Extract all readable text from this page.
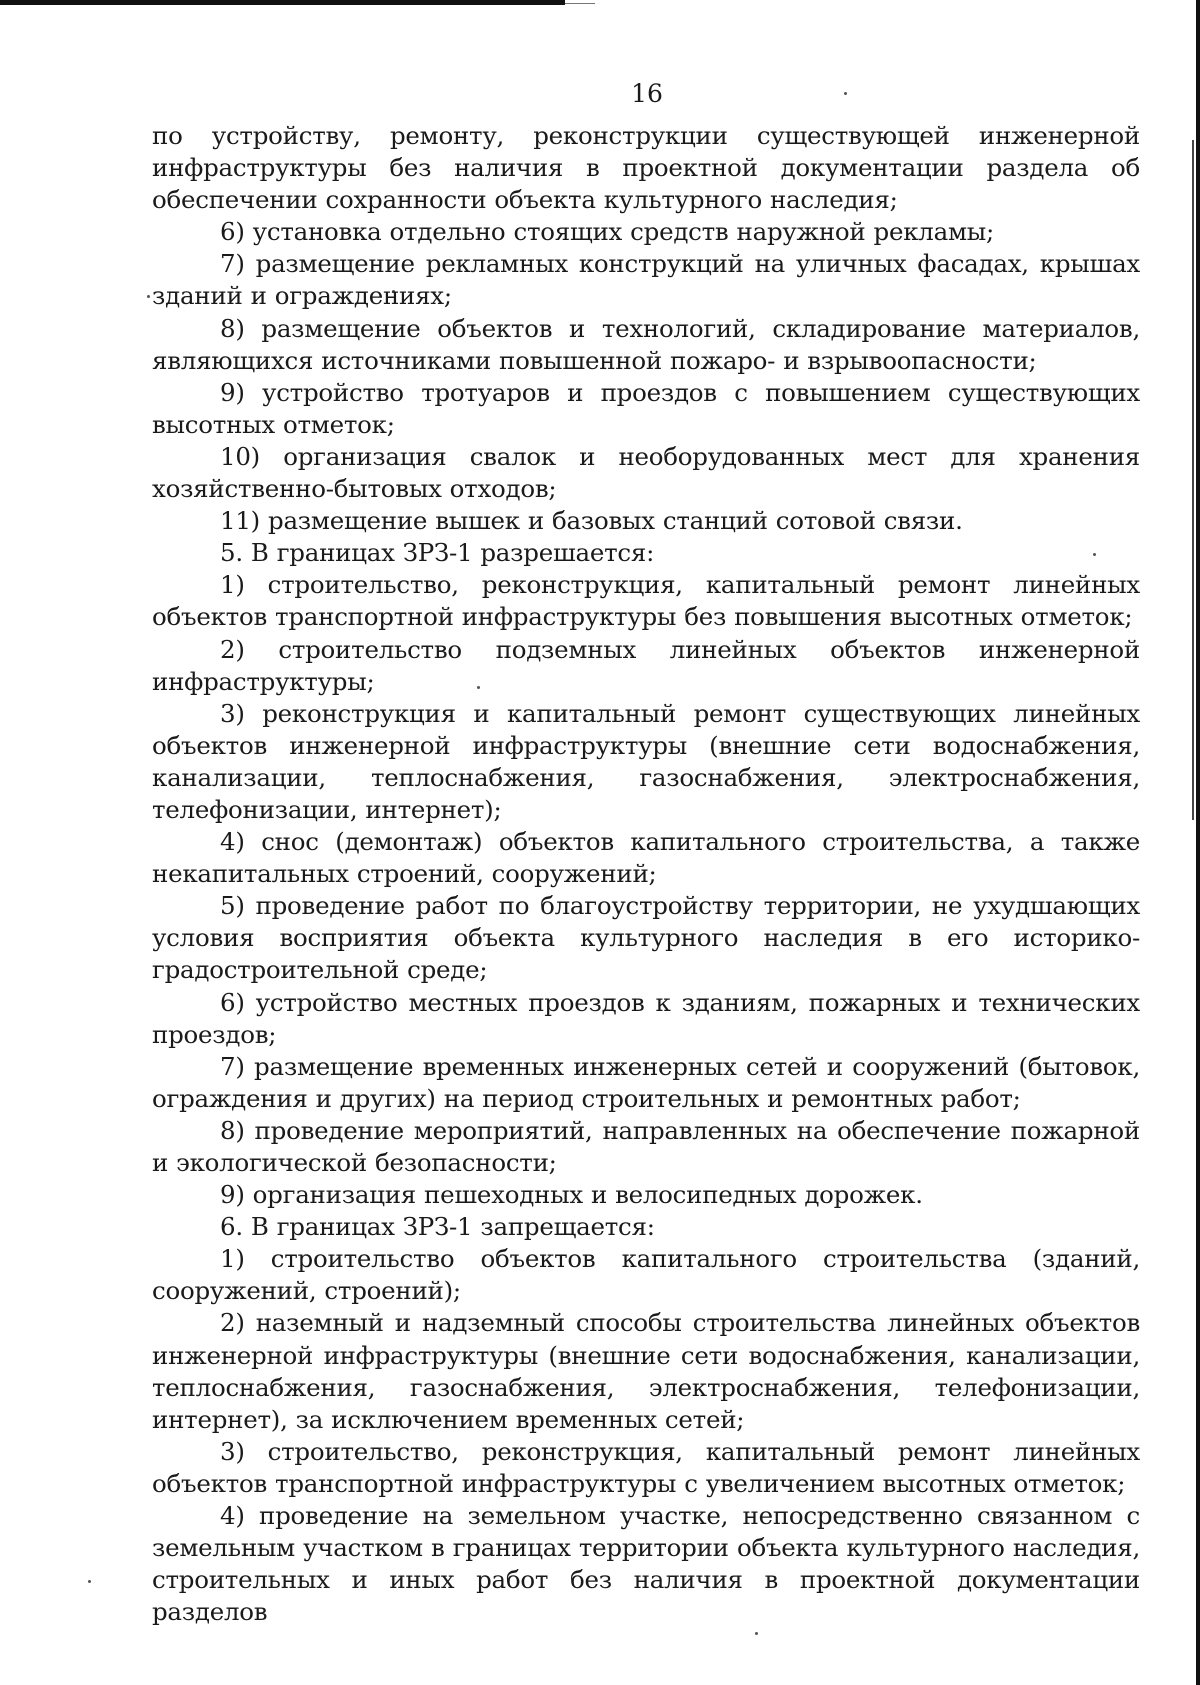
16

по устройству, ремонту, реконструкции существующей инженерной инфраструктуры без наличия в проектной документации раздела об обеспечении сохранности объекта культурного наследия;

6) установка отдельно стоящих средств наружной рекламы;

7) размещение рекламных конструкций на уличных фасадах, крышах зданий и ограждениях;

8) размещение объектов и технологий, складирование материалов, являющихся источниками повышенной пожаро- и взрывоопасности;

9) устройство тротуаров и проездов с повышением существующих высотных отметок;

10) организация свалок и необорудованных мест для хранения хозяйственно-бытовых отходов;

11) размещение вышек и базовых станций сотовой связи.

5. В границах ЗРЗ-1 разрешается:

1) строительство, реконструкция, капитальный ремонт линейных объектов транспортной инфраструктуры без повышения высотных отметок;

2) строительство подземных линейных объектов инженерной инфраструктуры;

3) реконструкция и капитальный ремонт существующих линейных объектов инженерной инфраструктуры (внешние сети водоснабжения, канализации, теплоснабжения, газоснабжения, электроснабжения, телефонизации, интернет);

4) снос (демонтаж) объектов капитального строительства, а также некапитальных строений, сооружений;

5) проведение работ по благоустройству территории, не ухудшающих условия восприятия объекта культурного наследия в его историко-градостроительной среде;

6) устройство местных проездов к зданиям, пожарных и технических проездов;

7) размещение временных инженерных сетей и сооружений (бытовок, ограждения и других) на период строительных и ремонтных работ;

8) проведение мероприятий, направленных на обеспечение пожарной и экологической безопасности;

9) организация пешеходных и велосипедных дорожек.

6. В границах ЗРЗ-1 запрещается:

1) строительство объектов капитального строительства (зданий, сооружений, строений);

2) наземный и надземный способы строительства линейных объектов инженерной инфраструктуры (внешние сети водоснабжения, канализации, теплоснабжения, газоснабжения, электроснабжения, телефонизации, интернет), за исключением временных сетей;

3) строительство, реконструкция, капитальный ремонт линейных объектов транспортной инфраструктуры с увеличением высотных отметок;

4) проведение на земельном участке, непосредственно связанном с земельным участком в границах территории объекта культурного наследия, строительных и иных работ без наличия в проектной документации разделов
